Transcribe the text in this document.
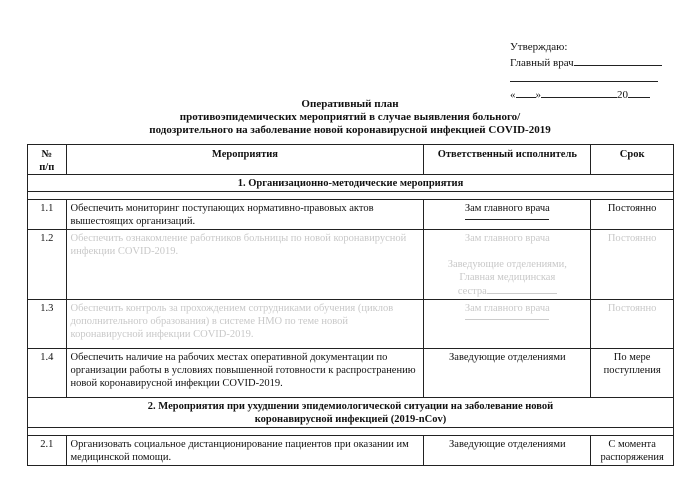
Утверждаю:
Главный врач
« »	20
Оперативный план
противоэпидемических мероприятий в случае выявления больного/
подозрительного на заболевание новой коронавирусной инфекцией COVID-2019
№
п/п	Мероприятия	Ответственный исполнитель	Срок
1. Организационно-методические мероприятия			

1.1	Обеспечить мониторинг поступающих нормативно-правовых актов вышестоящих организаций.	Зам главного врача	Постоянно
1.2	Обеспечить ознакомление работников больницы по новой коронавирусной инфекции COVID-2019.	Зам главного врача

Заведующие отделениями,
Главная медицинская
сестра	Постоянно
1.3	Обеспечить контроль за прохождением сотрудниками обучения (циклов дополнительного образования) в системе НМО по теме новой коронавирусной инфекции COVID-2019.	Зам главного врача	Постоянно
1.4	Обеспечить наличие на рабочих местах оперативной документации по организации работы в условиях повышенной готовности к распространению новой коронавирусной инфекции COVID-2019.	Заведующие отделениями	По мере
поступления
2. Мероприятия при ухудшении эпидемиологической ситуации на заболевание новой
коронавирусной инфекцией (2019-nCov)			

2.1	Организовать социальное дистанционирование пациентов при оказании им медицинской помощи.	Заведующие отделениями	С момента
распоряжения
